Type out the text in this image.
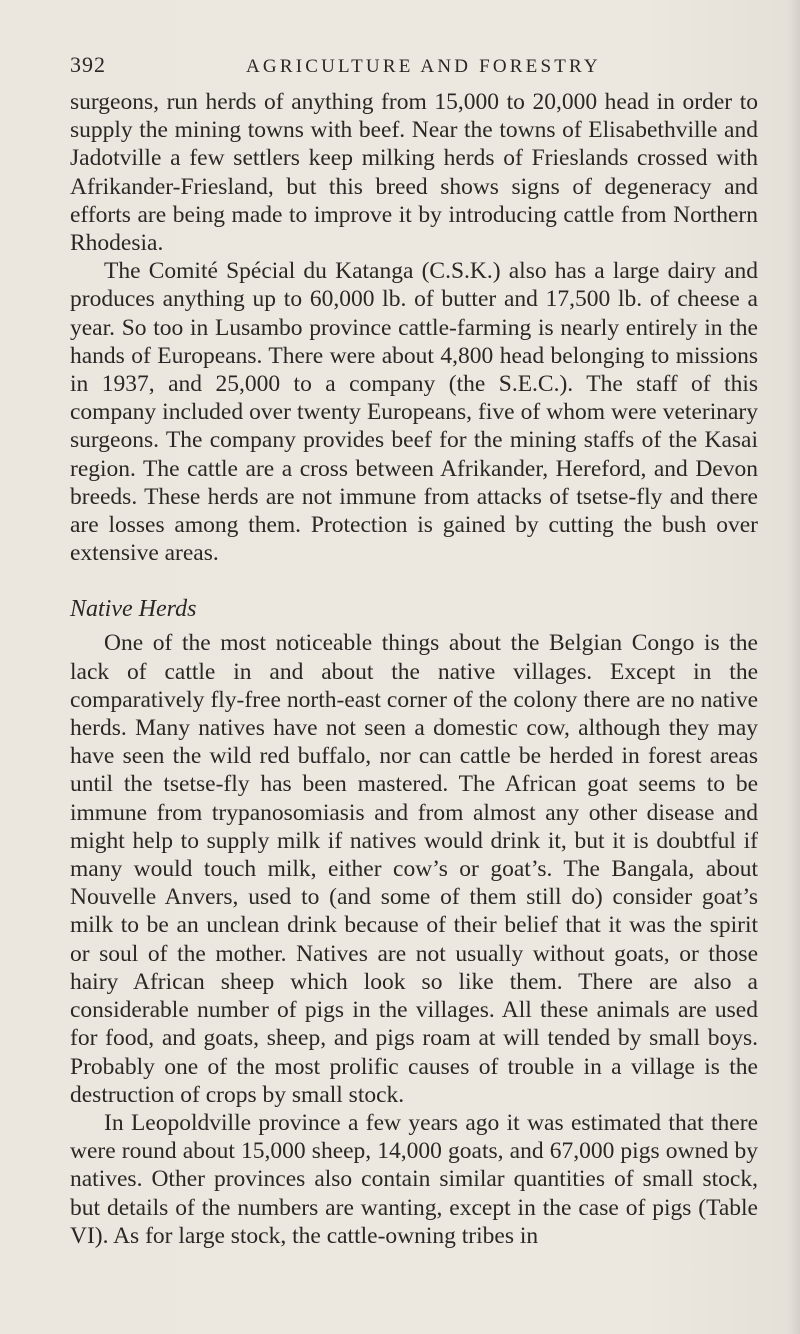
392	AGRICULTURE AND FORESTRY

surgeons, run herds of anything from 15,000 to 20,000 head in order to supply the mining towns with beef. Near the towns of Elisabethville and Jadotville a few settlers keep milking herds of Frieslands crossed with Afrikander-Friesland, but this breed shows signs of degeneracy and efforts are being made to improve it by introducing cattle from Northern Rhodesia.

The Comité Spécial du Katanga (C.S.K.) also has a large dairy and produces anything up to 60,000 lb. of butter and 17,500 lb. of cheese a year. So too in Lusambo province cattle-farming is nearly entirely in the hands of Europeans. There were about 4,800 head belonging to missions in 1937, and 25,000 to a company (the S.E.C.). The staff of this company included over twenty Europeans, five of whom were veterinary surgeons. The company provides beef for the mining staffs of the Kasai region. The cattle are a cross between Afrikander, Hereford, and Devon breeds. These herds are not immune from attacks of tsetse-fly and there are losses among them. Protection is gained by cutting the bush over extensive areas.

Native Herds

One of the most noticeable things about the Belgian Congo is the lack of cattle in and about the native villages. Except in the comparatively fly-free north-east corner of the colony there are no native herds. Many natives have not seen a domestic cow, although they may have seen the wild red buffalo, nor can cattle be herded in forest areas until the tsetse-fly has been mastered. The African goat seems to be immune from trypanosomiasis and from almost any other disease and might help to supply milk if natives would drink it, but it is doubtful if many would touch milk, either cow’s or goat’s. The Bangala, about Nouvelle Anvers, used to (and some of them still do) consider goat’s milk to be an unclean drink because of their belief that it was the spirit or soul of the mother. Natives are not usually without goats, or those hairy African sheep which look so like them. There are also a considerable number of pigs in the villages. All these animals are used for food, and goats, sheep, and pigs roam at will tended by small boys. Probably one of the most prolific causes of trouble in a village is the destruction of crops by small stock.

In Leopoldville province a few years ago it was estimated that there were round about 15,000 sheep, 14,000 goats, and 67,000 pigs owned by natives. Other provinces also contain similar quantities of small stock, but details of the numbers are wanting, except in the case of pigs (Table VI). As for large stock, the cattle-owning tribes in
